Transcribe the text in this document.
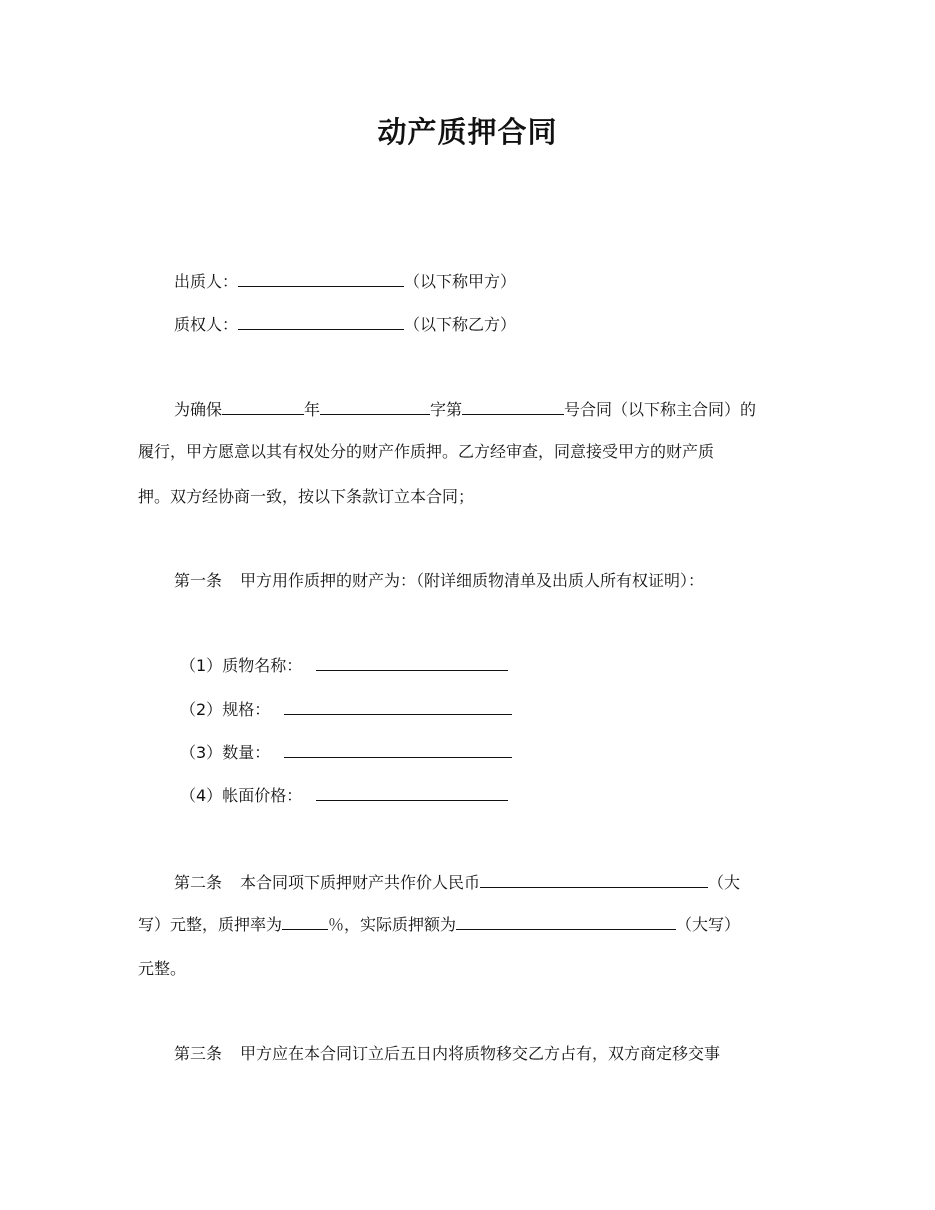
动产质押合同
出质人：	（以下称甲方）
质权人：	（以下称乙方）
为确保	年	字第	号合同（以下称主合同）的
履行，甲方愿意以其有权处分的财产作质押。乙方经审查，同意接受甲方的财产质
押。双方经协商一致，按以下条款订立本合同；
第一条 甲方用作质押的财产为：（附详细质物清单及出质人所有权证明）：
（1）质物名称：
（2）规格：
（3）数量：
（4）帐面价格：
第二条 本合同项下质押财产共作价人民币	（大
写）元整，质押率为	％，实际质押额为	（大写）
元整。
第三条 甲方应在本合同订立后五日内将质物移交乙方占有，双方商定移交事
